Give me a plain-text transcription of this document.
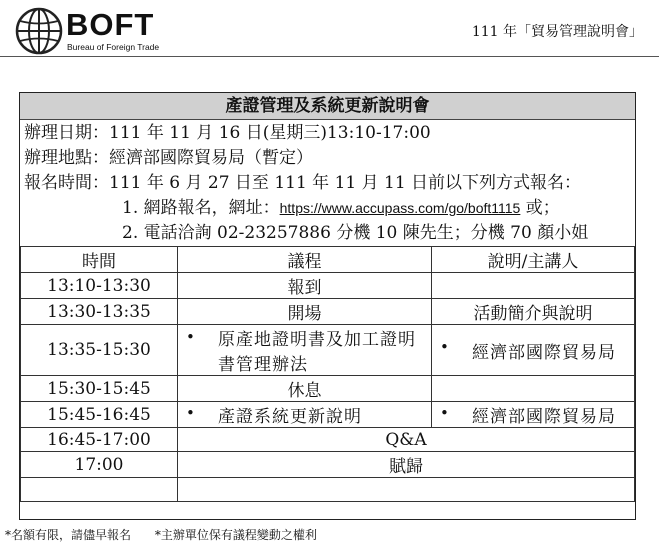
BOFT
Bureau of Foreign Trade
111 年「貿易管理說明會」
產證管理及系統更新說明會
辦理日期：111 年 11 月 16 日(星期三)13:10-17:00
辦理地點：經濟部國際貿易局（暫定）
報名時間：111 年 6 月 27 日至 111 年 11 月 11 日前以下列方式報名：
1. 網路報名，網址：https://www.accupass.com/go/boft1115 或；
2. 電話洽詢 02-23257886 分機 10 陳先生；分機 70 顏小姐
時間	議程	說明/主講人
13:10-13:30	報到	
13:30-13:35	開場	活動簡介與說明
13:35-15:30	• 原產地證明書及加工證明書管理辦法	• 經濟部國際貿易局

15:30-15:45	休息	
15:45-16:45	• 產證系統更新說明	• 經濟部國際貿易局

16:45-17:00	Q&A	
17:00	賦歸	

*名額有限，請儘早報名 *主辦單位保有議程變動之權利
